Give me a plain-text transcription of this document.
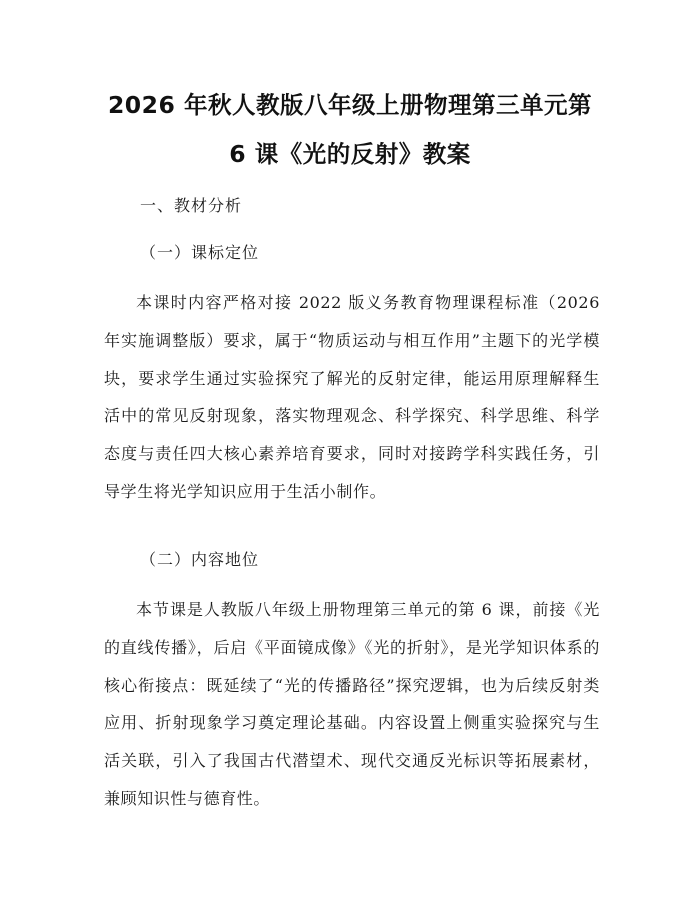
2026 年秋人教版八年级上册物理第三单元第
6 课《光的反射》教案
一、教材分析
（一）课标定位

本课时内容严格对接 2022 版义务教育物理课程标准（2026 年实施调整版）要求，属于“物质运动与相互作用”主题下的光学模块，要求学生通过实验探究了解光的反射定律，能运用原理解释生活中的常见反射现象，落实物理观念、科学探究、科学思维、科学态度与责任四大核心素养培育要求，同时对接跨学科实践任务，引导学生将光学知识应用于生活小制作。

（二）内容地位

本节课是人教版八年级上册物理第三单元的第 6 课，前接《光的直线传播》，后启《平面镜成像》《光的折射》，是光学知识体系的核心衔接点：既延续了“光的传播路径”探究逻辑，也为后续反射类应用、折射现象学习奠定理论基础。内容设置上侧重实验探究与生活关联，引入了我国古代潜望术、现代交通反光标识等拓展素材，兼顾知识性与德育性。
